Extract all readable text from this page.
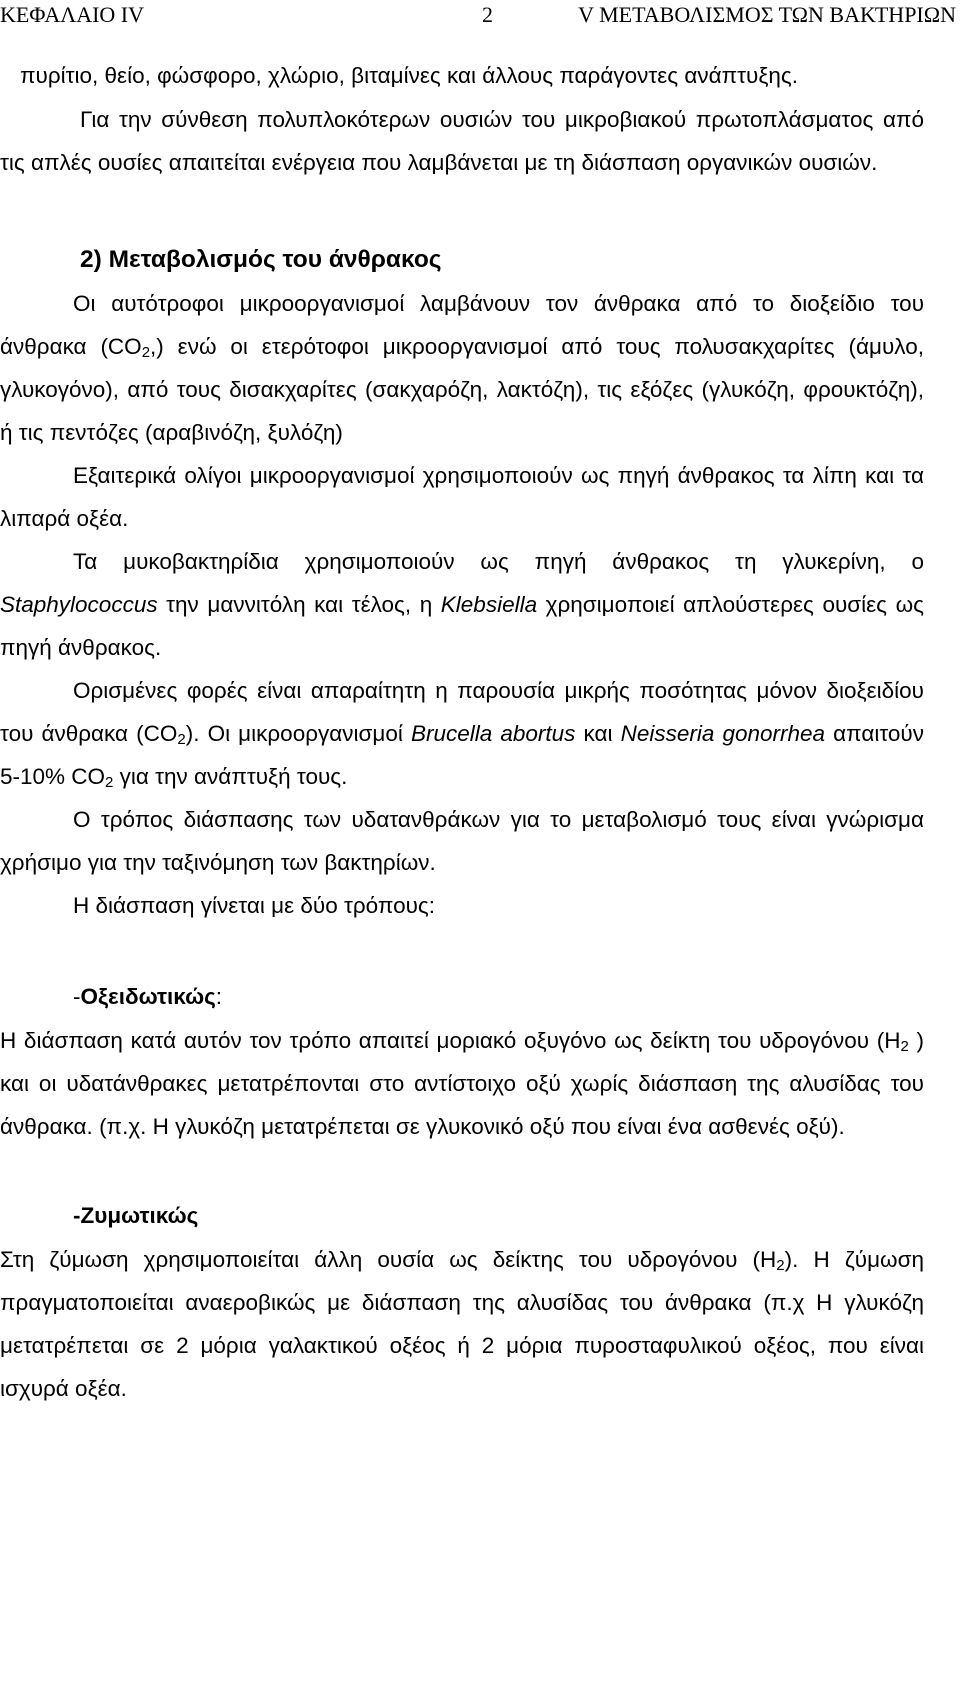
ΚΕΦΑΛΑΙΟ IV	2	V ΜΕΤΑΒΟΛΙΣΜΟΣ ΤΩΝ ΒΑΚΤΗΡΙΩΝ

πυρίτιο, θείο, φώσφορο, χλώριο, βιταμίνες και άλλους παράγοντες ανάπτυξης.

Για την σύνθεση πολυπλοκότερων ουσιών του μικροβιακού πρωτοπλάσματος από τις απλές ουσίες απαιτείται ενέργεια που λαμβάνεται με τη διάσπαση οργανικών ουσιών.

2) Μεταβολισμός του άνθρακος

Οι αυτότροφοι μικροοργανισμοί λαμβάνουν τον άνθρακα από το διοξείδιο του άνθρακα $(CO_2,)$ ενώ οι ετερότοφοι μικροοργανισμοί από τους πολυσακχαρίτες (άμυλο, γλυκογόνο), από τους δισακχαρίτες (σακχαρόζη, λακτόζη), τις εξόζες (γλυκόζη, φρουκτόζη), ή τις πεντόζες (αραβινόζη, ξυλόζη)

Εξαιτερικά ολίγοι μικροοργανισμοί χρησιμοποιούν ως πηγή άνθρακος τα λίπη και τα λιπαρά οξέα.

Τα μυκοβακτηρίδια χρησιμοποιούν ως πηγή άνθρακος τη γλυκερίνη, ο Staphylococcus την μαννιτόλη και τέλος, η Klebsiella χρησιμοποιεί απλούστερες ουσίες ως πηγή άνθρακος.

Ορισμένες φορές είναι απαραίτητη η παρουσία μικρής ποσότητας μόνον διοξειδίου του άνθρακα $(CO_2)$. Οι μικροοργανισμοί Brucella abortus και Neisseria gonorrhea απαιτούν 5-10% $CO_2$ για την ανάπτυξή τους.

Ο τρόπος διάσπασης των υδατανθράκων για το μεταβολισμό τους είναι γνώρισμα χρήσιμο για την ταξινόμηση των βακτηρίων.

Η διάσπαση γίνεται με δύο τρόπους:

-Οξειδωτικώς:

Η διάσπαση κατά αυτόν τον τρόπο απαιτεί μοριακό οξυγόνο ως δείκτη του υδρογόνου ($H_2$ ) και οι υδατάνθρακες μετατρέπονται στο αντίστοιχο οξύ χωρίς διάσπαση της αλυσίδας του άνθρακα. (π.χ. Η γλυκόζη μετατρέπεται σε γλυκονικό οξύ που είναι ένα ασθενές οξύ).

-Ζυμωτικώς

Στη ζύμωση χρησιμοποιείται άλλη ουσία ως δείκτης του υδρογόνου $(H_2)$. Η ζύμωση πραγματοποιείται αναεροβικώς με διάσπαση της αλυσίδας του άνθρακα (π.χ Η γλυκόζη μετατρέπεται σε 2 μόρια γαλακτικού οξέος ή 2 μόρια πυροσταφυλικού οξέος, που είναι ισχυρά οξέα.
